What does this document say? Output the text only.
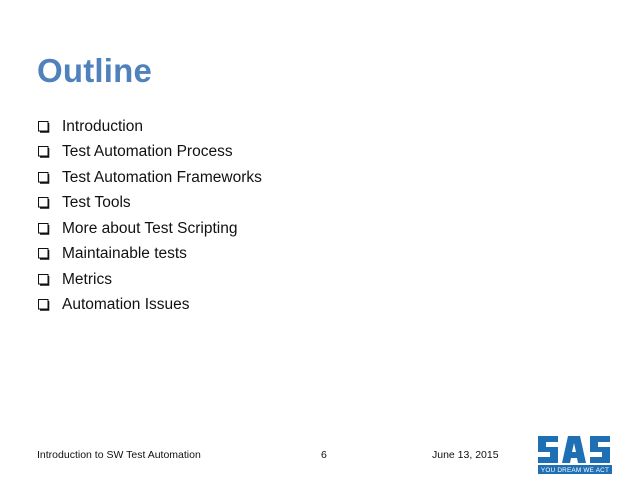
Outline
Introduction
Test Automation Process
Test Automation Frameworks
Test Tools
More about Test Scripting
Maintainable tests
Metrics
Automation Issues
Introduction to SW Test Automation	6	June 13, 2015
YOU DREAM WE ACT
